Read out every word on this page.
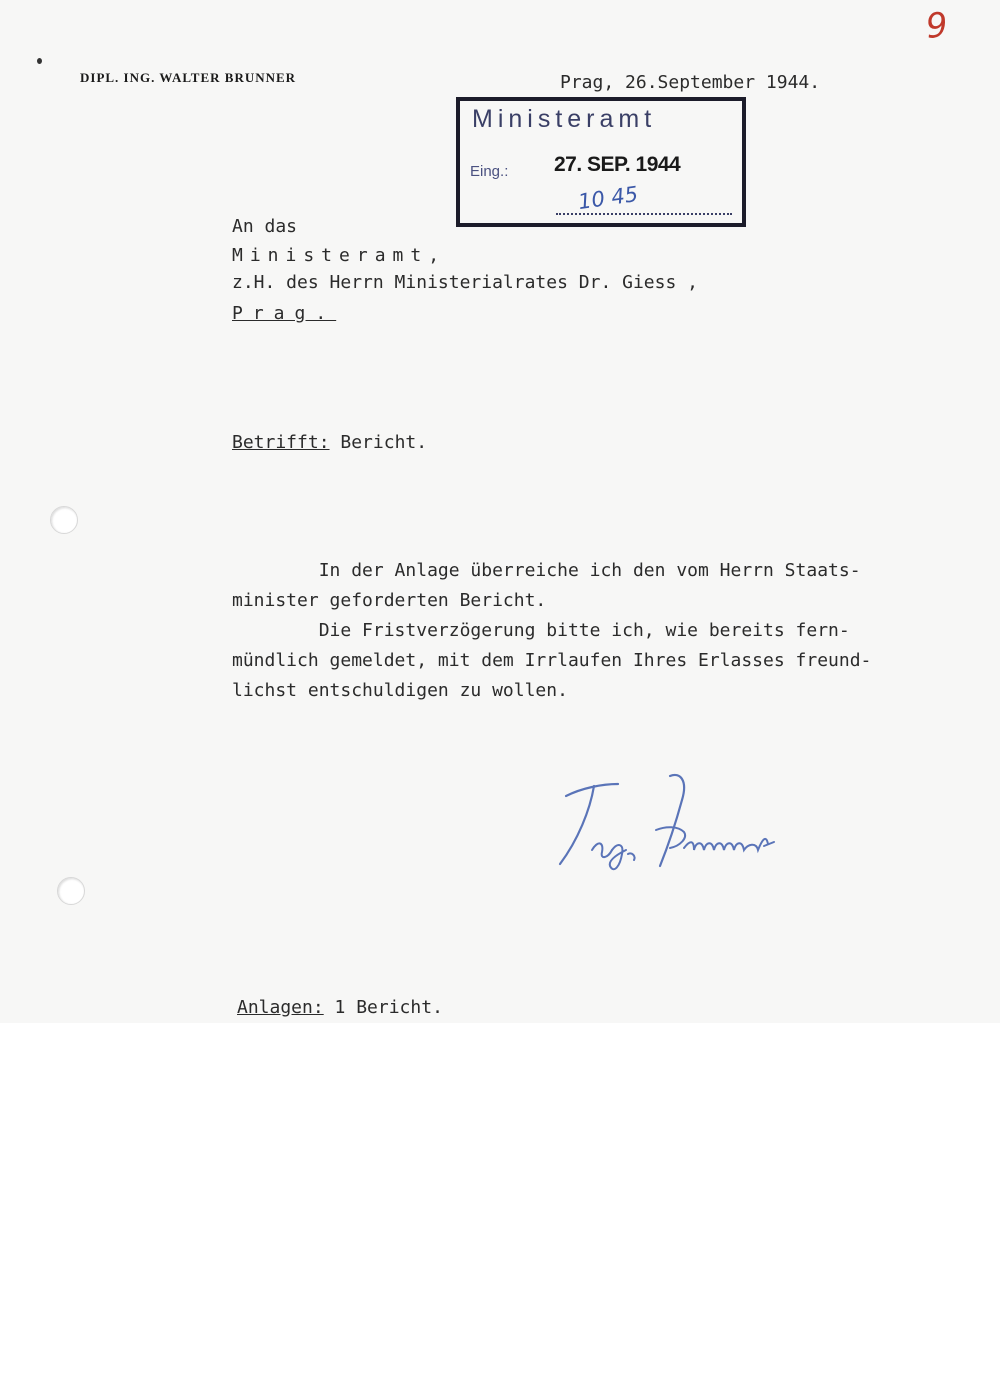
9
DIPL. ING. WALTER BRUNNER	Prag, 26.September 1944.
Ministeramt
Eing.: 27. SEP. 1944
10 45
An das
Ministeramt,
z.H. des Herrn Ministerialrates Dr. Giess ,
Prag.
Betrifft: Bericht.
In der Anlage überreiche ich den vom Herrn Staats-
minister geforderten Bericht.
Die Fristverzögerung bitte ich, wie bereits fern-
mündlich gemeldet, mit dem Irrlaufen Ihres Erlasses freund-
lichst entschuldigen zu wollen.
Anlagen: 1 Bericht.
